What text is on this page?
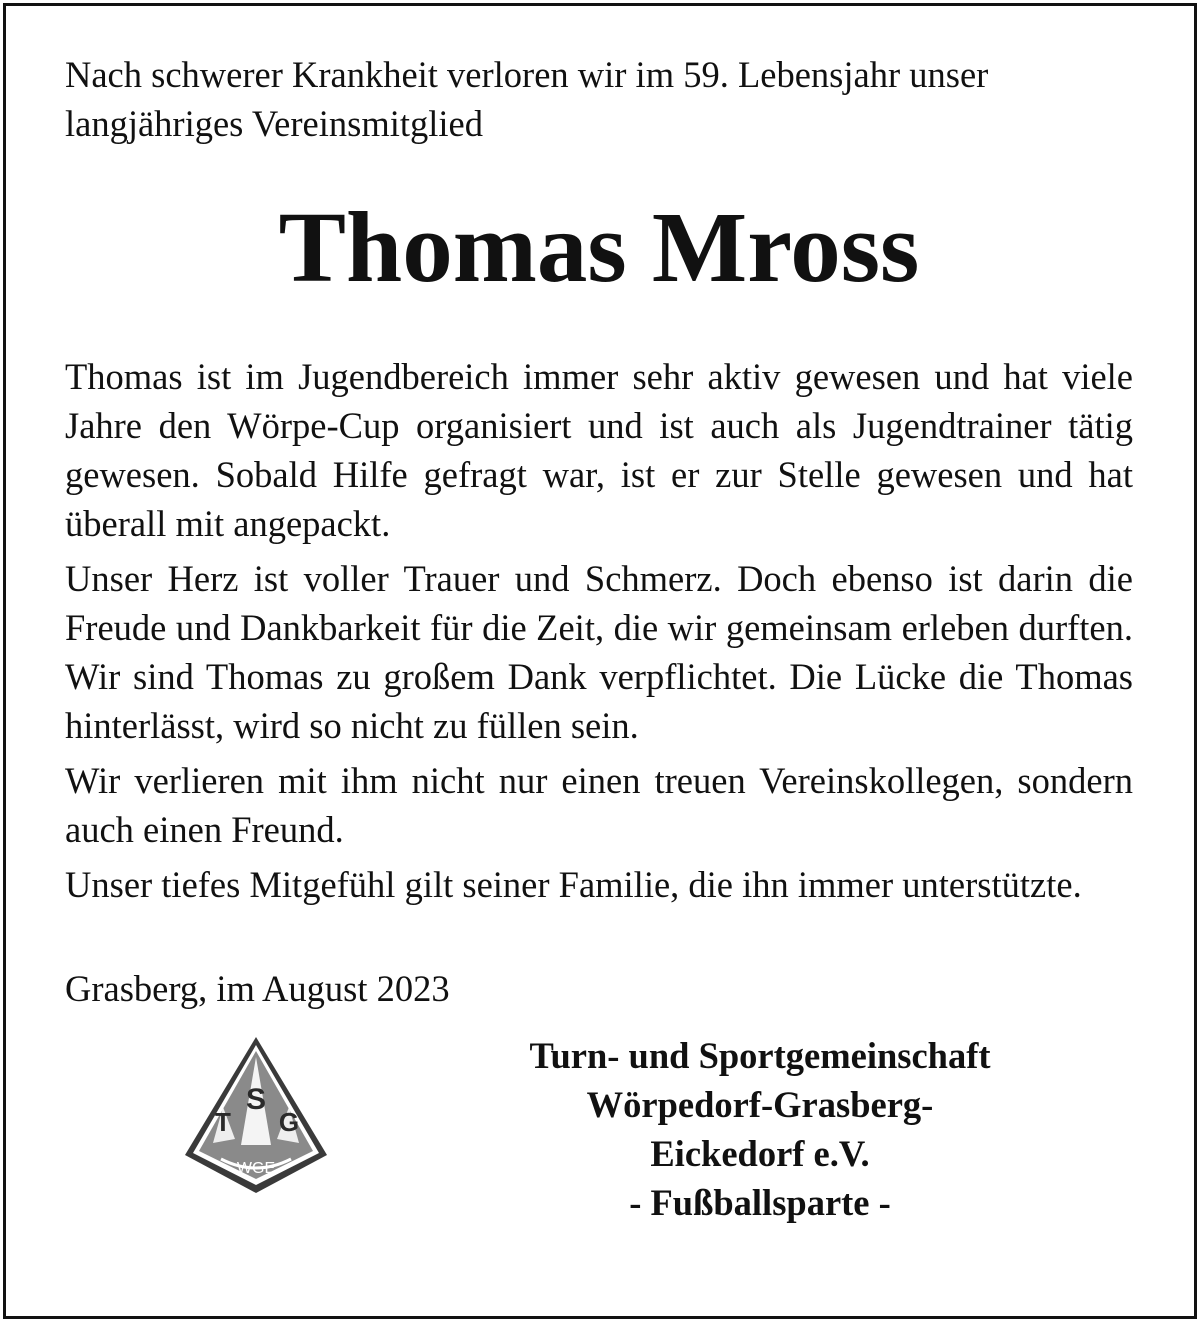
Nach schwerer Krankheit verloren wir im 59. Lebensjahr unser langjähriges Vereinsmitglied

Thomas Mross

Thomas ist im Jugendbereich immer sehr aktiv gewesen und hat viele Jahre den Wörpe-Cup organisiert und ist auch als Jugendtrainer tätig gewesen. Sobald Hilfe gefragt war, ist er zur Stelle gewesen und hat überall mit angepackt.

Unser Herz ist voller Trauer und Schmerz. Doch ebenso ist darin die Freude und Dankbarkeit für die Zeit, die wir gemeinsam erleben durften. Wir sind Thomas zu großem Dank verpflichtet. Die Lücke die Thomas hinterlässt, wird so nicht zu füllen sein.

Wir verlieren mit ihm nicht nur einen treuen Vereinskollegen, sondern auch einen Freund.

Unser tiefes Mitgefühl gilt seiner Familie, die ihn immer unterstützte.

Grasberg, im August 2023

T
S
G
WGE
Turn- und Sportgemeinschaft
Wörpedorf-Grasberg-
Eickedorf e.V.
- Fußballsparte -
